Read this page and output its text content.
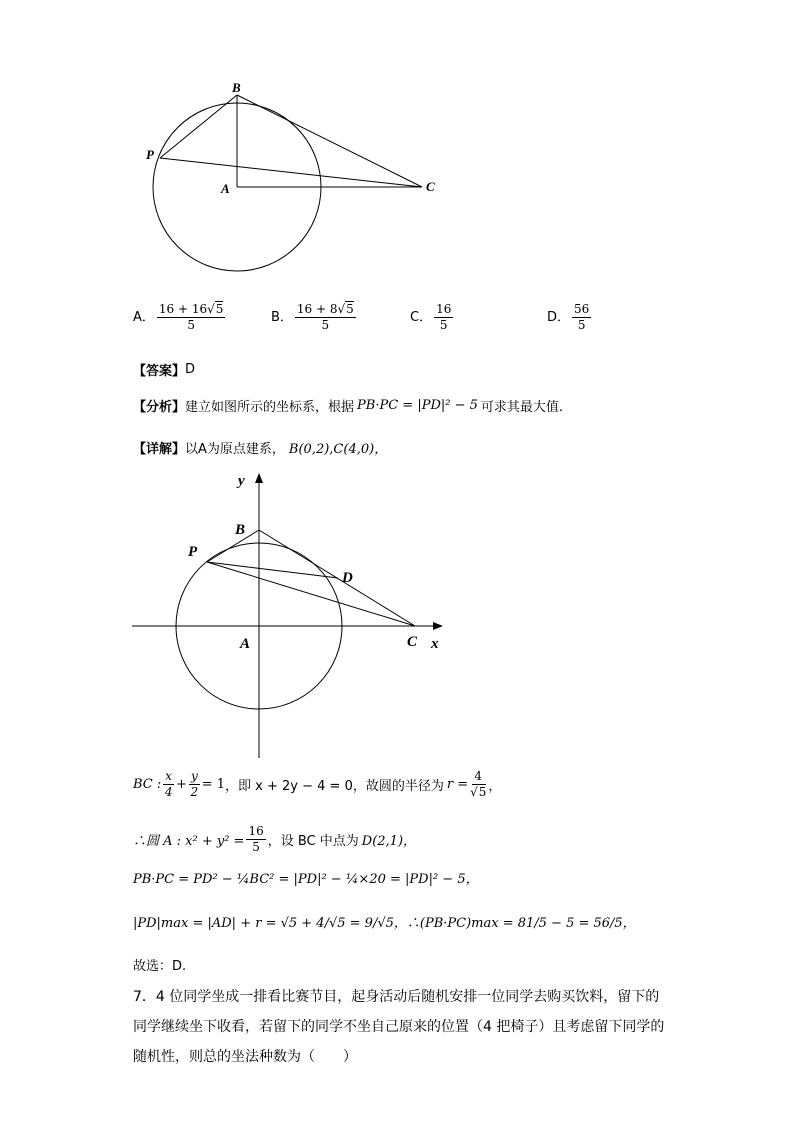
B
P
A	C
A． $\frac{16 + 16√5}{5}$	B． $\frac{16 + 8√5}{5}$	C． $\frac{16}{5}$	D． $\frac{56}{5}$
【答案】 D
【分析】 建立如图所示的坐标系，根据 PB·PC = |PD|² − 5 可求其最大值.
【详解】 以A为原点建系， B(0,2),C(4,0)，
y
x
B
P
D
A	C
BC : $\frac{x}{4} + \frac{y}{2} = 1$ ，即 x + 2y − 4 = 0，故圆的半径为 $r = \frac{4}{√5}$ ，
∴圆 A : $x^2 + y^2 = \frac{16}{5}$ ，设 BC 中点为 D(2,1)，
PB·PC = PD² − ¼BC² = |PD|² − ¼×20 = |PD|² − 5，
|PD|max = |AD| + r = √5 + 4/√5 = 9/√5，∴(PB·PC)max = 81/5 − 5 = 56/5，
故选：D.
7．4 位同学坐成一排看比赛节目，起身活动后随机安排一位同学去购买饮料，留下的
同学继续坐下收看，若留下的同学不坐自己原来的位置（4 把椅子）且考虑留下同学的
随机性，则总的坐法种数为（　　）
